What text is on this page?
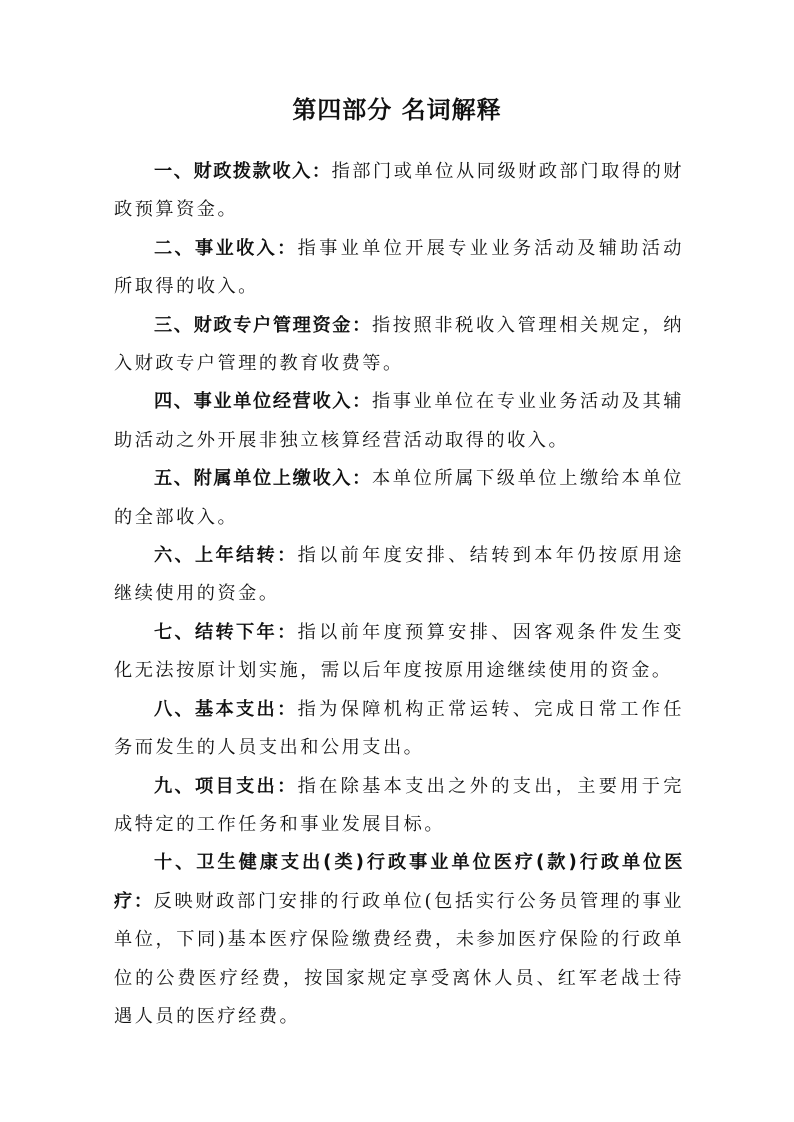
第四部分 名词解释

一、财政拨款收入：指部门或单位从同级财政部门取得的财政预算资金。

二、事业收入：指事业单位开展专业业务活动及辅助活动所取得的收入。

三、财政专户管理资金：指按照非税收入管理相关规定，纳入财政专户管理的教育收费等。

四、事业单位经营收入：指事业单位在专业业务活动及其辅助活动之外开展非独立核算经营活动取得的收入。

五、附属单位上缴收入：本单位所属下级单位上缴给本单位的全部收入。

六、上年结转：指以前年度安排、结转到本年仍按原用途继续使用的资金。

七、结转下年：指以前年度预算安排、因客观条件发生变化无法按原计划实施，需以后年度按原用途继续使用的资金。

八、基本支出：指为保障机构正常运转、完成日常工作任务而发生的人员支出和公用支出。

九、项目支出：指在除基本支出之外的支出，主要用于完成特定的工作任务和事业发展目标。

十、卫生健康支出(类)行政事业单位医疗(款)行政单位医疗：反映财政部门安排的行政单位(包括实行公务员管理的事业单位，下同)基本医疗保险缴费经费，未参加医疗保险的行政单位的公费医疗经费，按国家规定享受离休人员、红军老战士待遇人员的医疗经费。
